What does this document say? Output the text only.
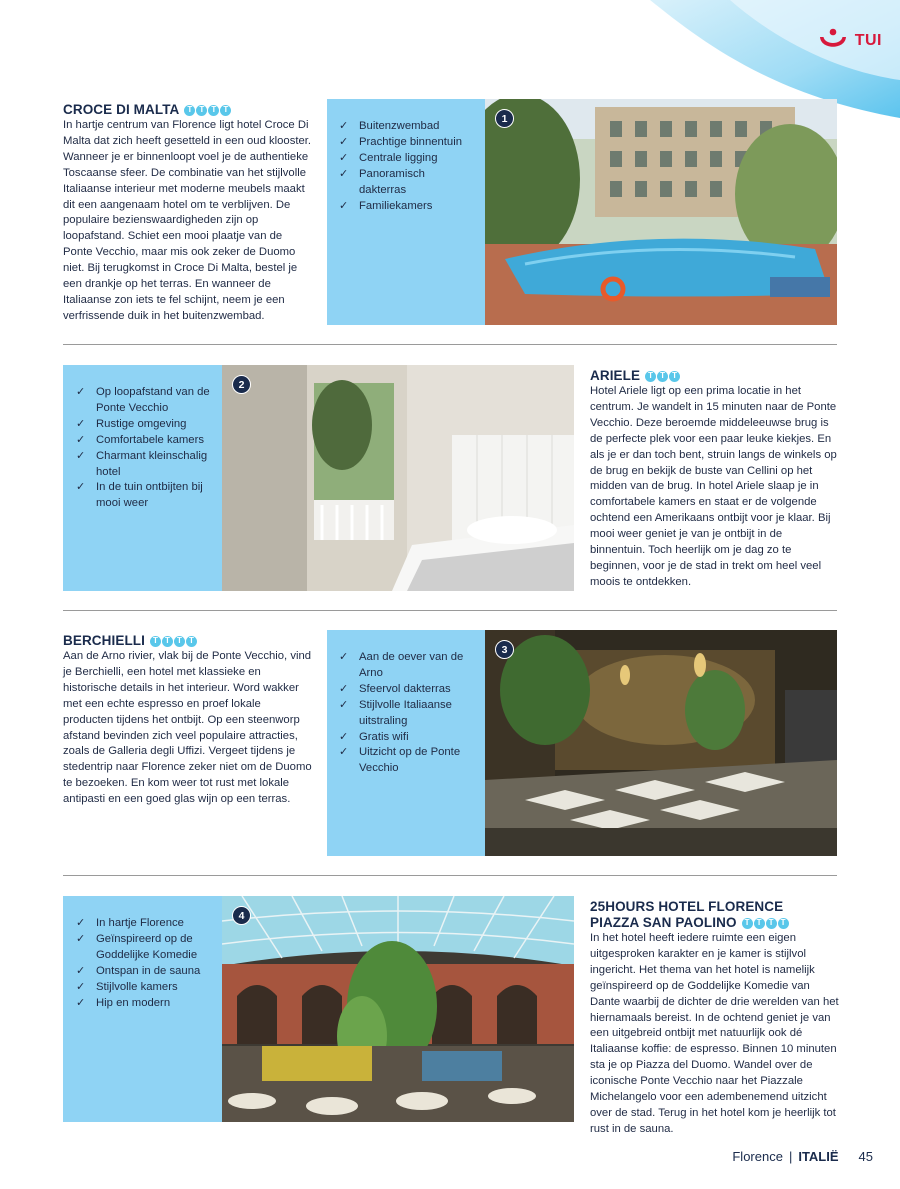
TUI
CROCE DI MALTA T T T T

In hartje centrum van Florence ligt hotel Croce Di Malta dat zich heeft gesetteld in een oud klooster. Wanneer je er binnenloopt voel je de authentieke Toscaanse sfeer. De combinatie van het stijlvolle Italiaanse interieur met moderne meubels maakt dit een aangenaam hotel om te verblijven. De populaire bezienswaardigheden zijn op loopafstand. Schiet een mooi plaatje van de Ponte Vecchio, maar mis ook zeker de Duomo niet. Bij terugkomst in Croce Di Malta, bestel je een drankje op het terras. En wanneer de Italiaanse zon iets te fel schijnt, neem je een verfrissende duik in het buitenzwembad.

✓ Buitenzwembad
✓ Prachtige binnentuin
✓ Centrale ligging
✓ Panoramisch dakterras
✓ Familiekamers
1
✓ Op loopafstand van de Ponte Vecchio
✓ Rustige omgeving
✓ Comfortabele kamers
✓ Charmant kleinschalig hotel
✓ In de tuin ontbijten bij mooi weer
2
ARIELE T T T

Hotel Ariele ligt op een prima locatie in het centrum. Je wandelt in 15 minuten naar de Ponte Vecchio. Deze beroemde middeleeuwse brug is de perfecte plek voor een paar leuke kiekjes. En als je er dan toch bent, struin langs de winkels op de brug en bekijk de buste van Cellini op het midden van de brug. In hotel Ariele slaap je in comfortabele kamers en staat er de volgende ochtend een Amerikaans ontbijt voor je klaar. Bij mooi weer geniet je van je ontbijt in de binnentuin. Toch heerlijk om je dag zo te beginnen, voor je de stad in trekt om heel veel moois te ontdekken.

BERCHIELLI T T T T

Aan de Arno rivier, vlak bij de Ponte Vecchio, vind je Berchielli, een hotel met klassieke en historische details in het interieur. Word wakker met een echte espresso en proef lokale producten tijdens het ontbijt. Op een steenworp afstand bevinden zich veel populaire attracties, zoals de Galleria degli Uffizi. Vergeet tijdens je stedentrip naar Florence zeker niet om de Duomo te bezoeken. En kom weer tot rust met lokale antipasti en een goed glas wijn op een terras.

✓ Aan de oever van de Arno
✓ Sfeervol dakterras
✓ Stijlvolle Italiaanse uitstraling
✓ Gratis wifi
✓ Uitzicht op de Ponte Vecchio
3
✓ In hartje Florence
✓ Geïnspireerd op de Goddelijke Komedie
✓ Ontspan in de sauna
✓ Stijlvolle kamers
✓ Hip en modern
4
25HOURS HOTEL FLORENCE
PIAZZA SAN PAOLINO T T T T

In het hotel heeft iedere ruimte een eigen uitgesproken karakter en je kamer is stijlvol ingericht. Het thema van het hotel is namelijk geïnspireerd op de Goddelijke Komedie van Dante waarbij de dichter de drie werelden van het hiernamaals bereist. In de ochtend geniet je van een uitgebreid ontbijt met natuurlijk ook dé Italiaanse koffie: de espresso. Binnen 10 minuten sta je op Piazza del Duomo. Wandel over de iconische Ponte Vecchio naar het Piazzale Michelangelo voor een adembenemend uitzicht over de stad. Terug in het hotel kom je heerlijk tot rust in de sauna.

Florence | ITALIË 45
